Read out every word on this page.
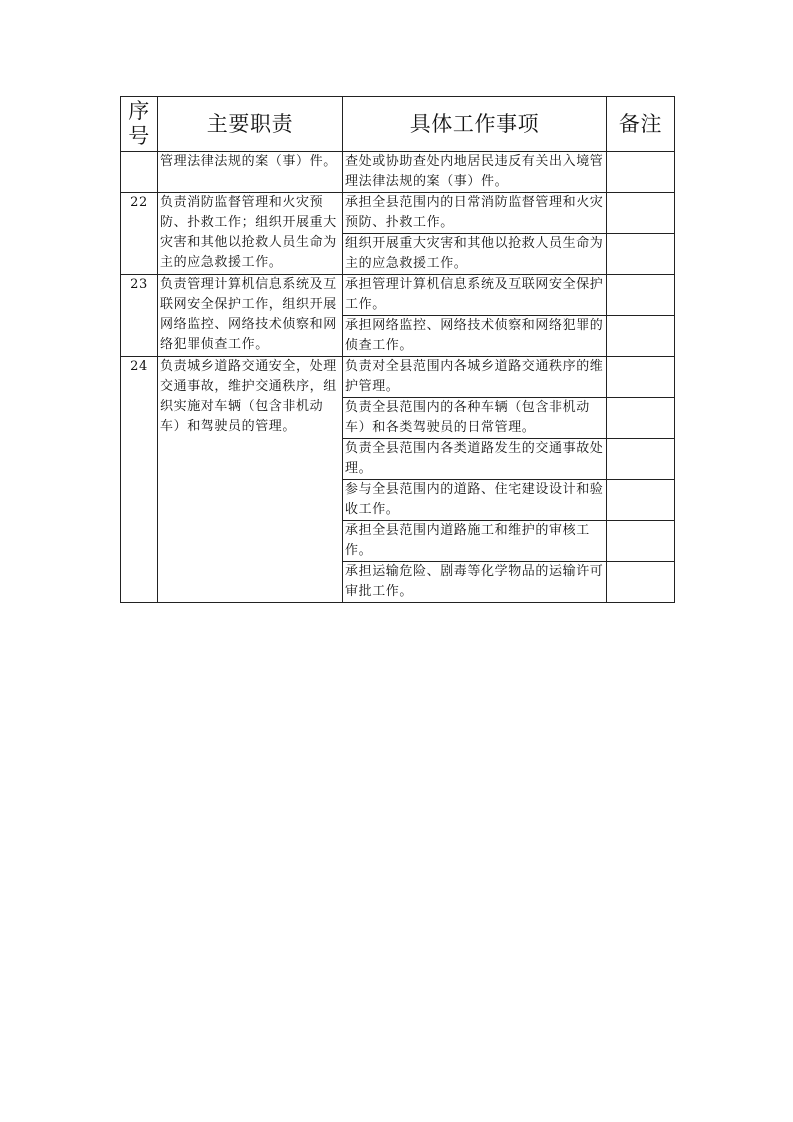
序
号	主要职责	具体工作事项	备注
	管理法律法规的案（事）件。	查处或协助查处内地居民违反有关出入境管理法律法规的案（事）件。	
22	负责消防监督管理和火灾预防、扑救工作；组织开展重大灾害和其他以抢救人员生命为主的应急救援工作。	承担全县范围内的日常消防监督管理和火灾预防、扑救工作。	
		组织开展重大灾害和其他以抢救人员生命为主的应急救援工作。	
23	负责管理计算机信息系统及互联网安全保护工作，组织开展网络监控、网络技术侦察和网络犯罪侦查工作。	承担管理计算机信息系统及互联网安全保护工作。	
		承担网络监控、网络技术侦察和网络犯罪的侦查工作。	
24	负责城乡道路交通安全，处理交通事故，维护交通秩序，组织实施对车辆（包含非机动车）和驾驶员的管理。	负责对全县范围内各城乡道路交通秩序的维护管理。	
		负责全县范围内的各种车辆（包含非机动车）和各类驾驶员的日常管理。	
		负责全县范围内各类道路发生的交通事故处理。	
		参与全县范围内的道路、住宅建设设计和验收工作。	
		承担全县范围内道路施工和维护的审核工作。	
		承担运输危险、剧毒等化学物品的运输许可审批工作。	
